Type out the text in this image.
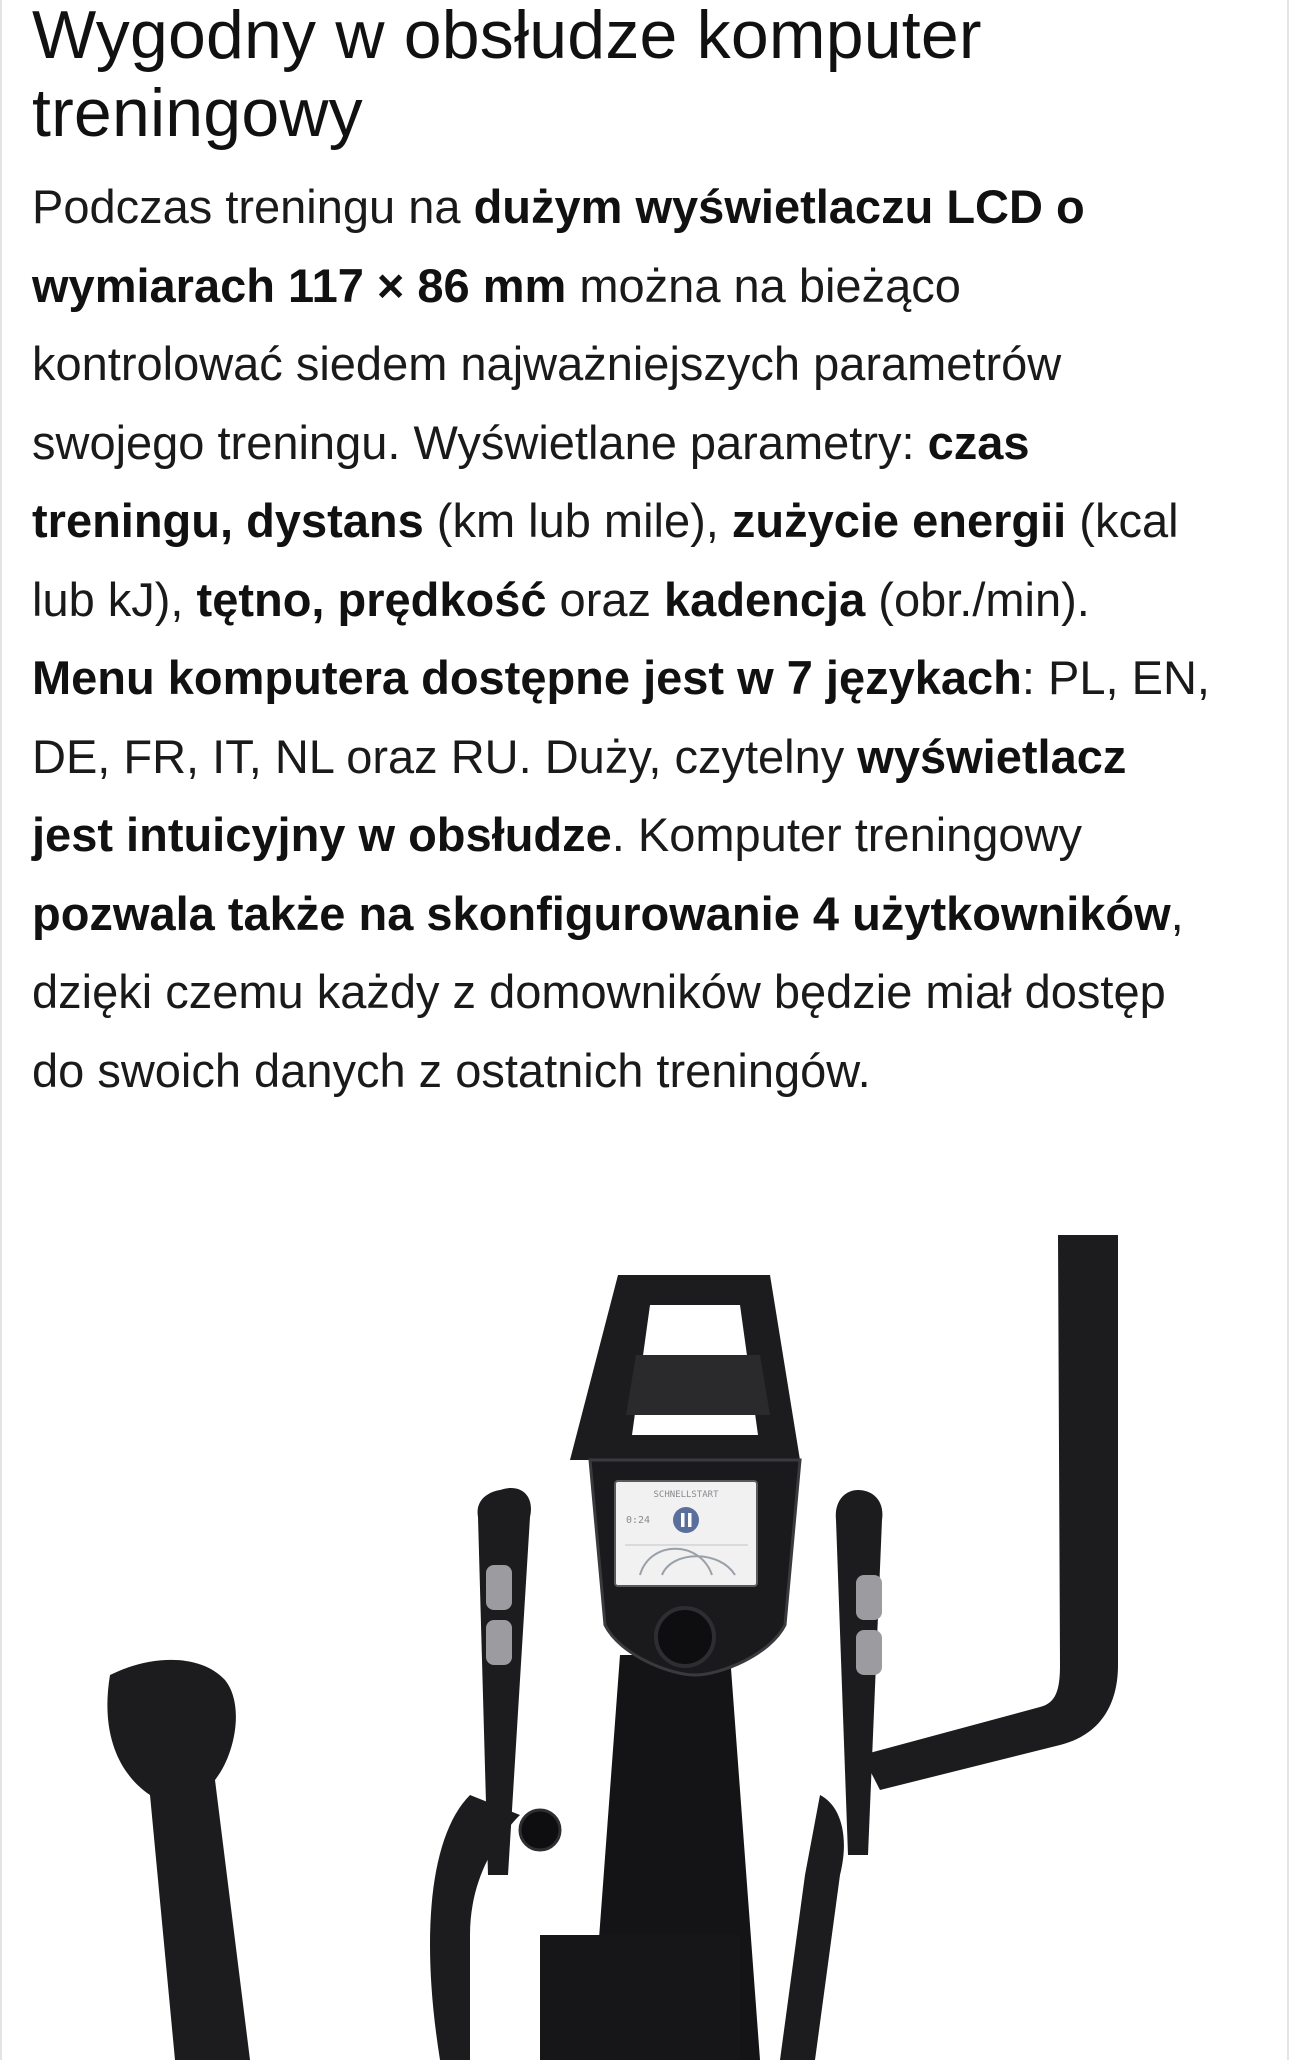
Wygodny w obsłudze komputer treningowy

Podczas treningu na dużym wyświetlaczu LCD o wymiarach 117 × 86 mm można na bieżąco kontrolować siedem najważniejszych parametrów swojego treningu. Wyświetlane parametry: czas treningu, dystans (km lub mile), zużycie energii (kcal lub kJ), tętno, prędkość oraz kadencja (obr./min). Menu komputera dostępne jest w 7 językach: PL, EN, DE, FR, IT, NL oraz RU. Duży, czytelny wyświetlacz jest intuicyjny w obsłudze. Komputer treningowy pozwala także na skonfigurowanie 4 użytkowników, dzięki czemu każdy z domowników będzie miał dostęp do swoich danych z ostatnich treningów.

SCHNELLSTART
0:24
